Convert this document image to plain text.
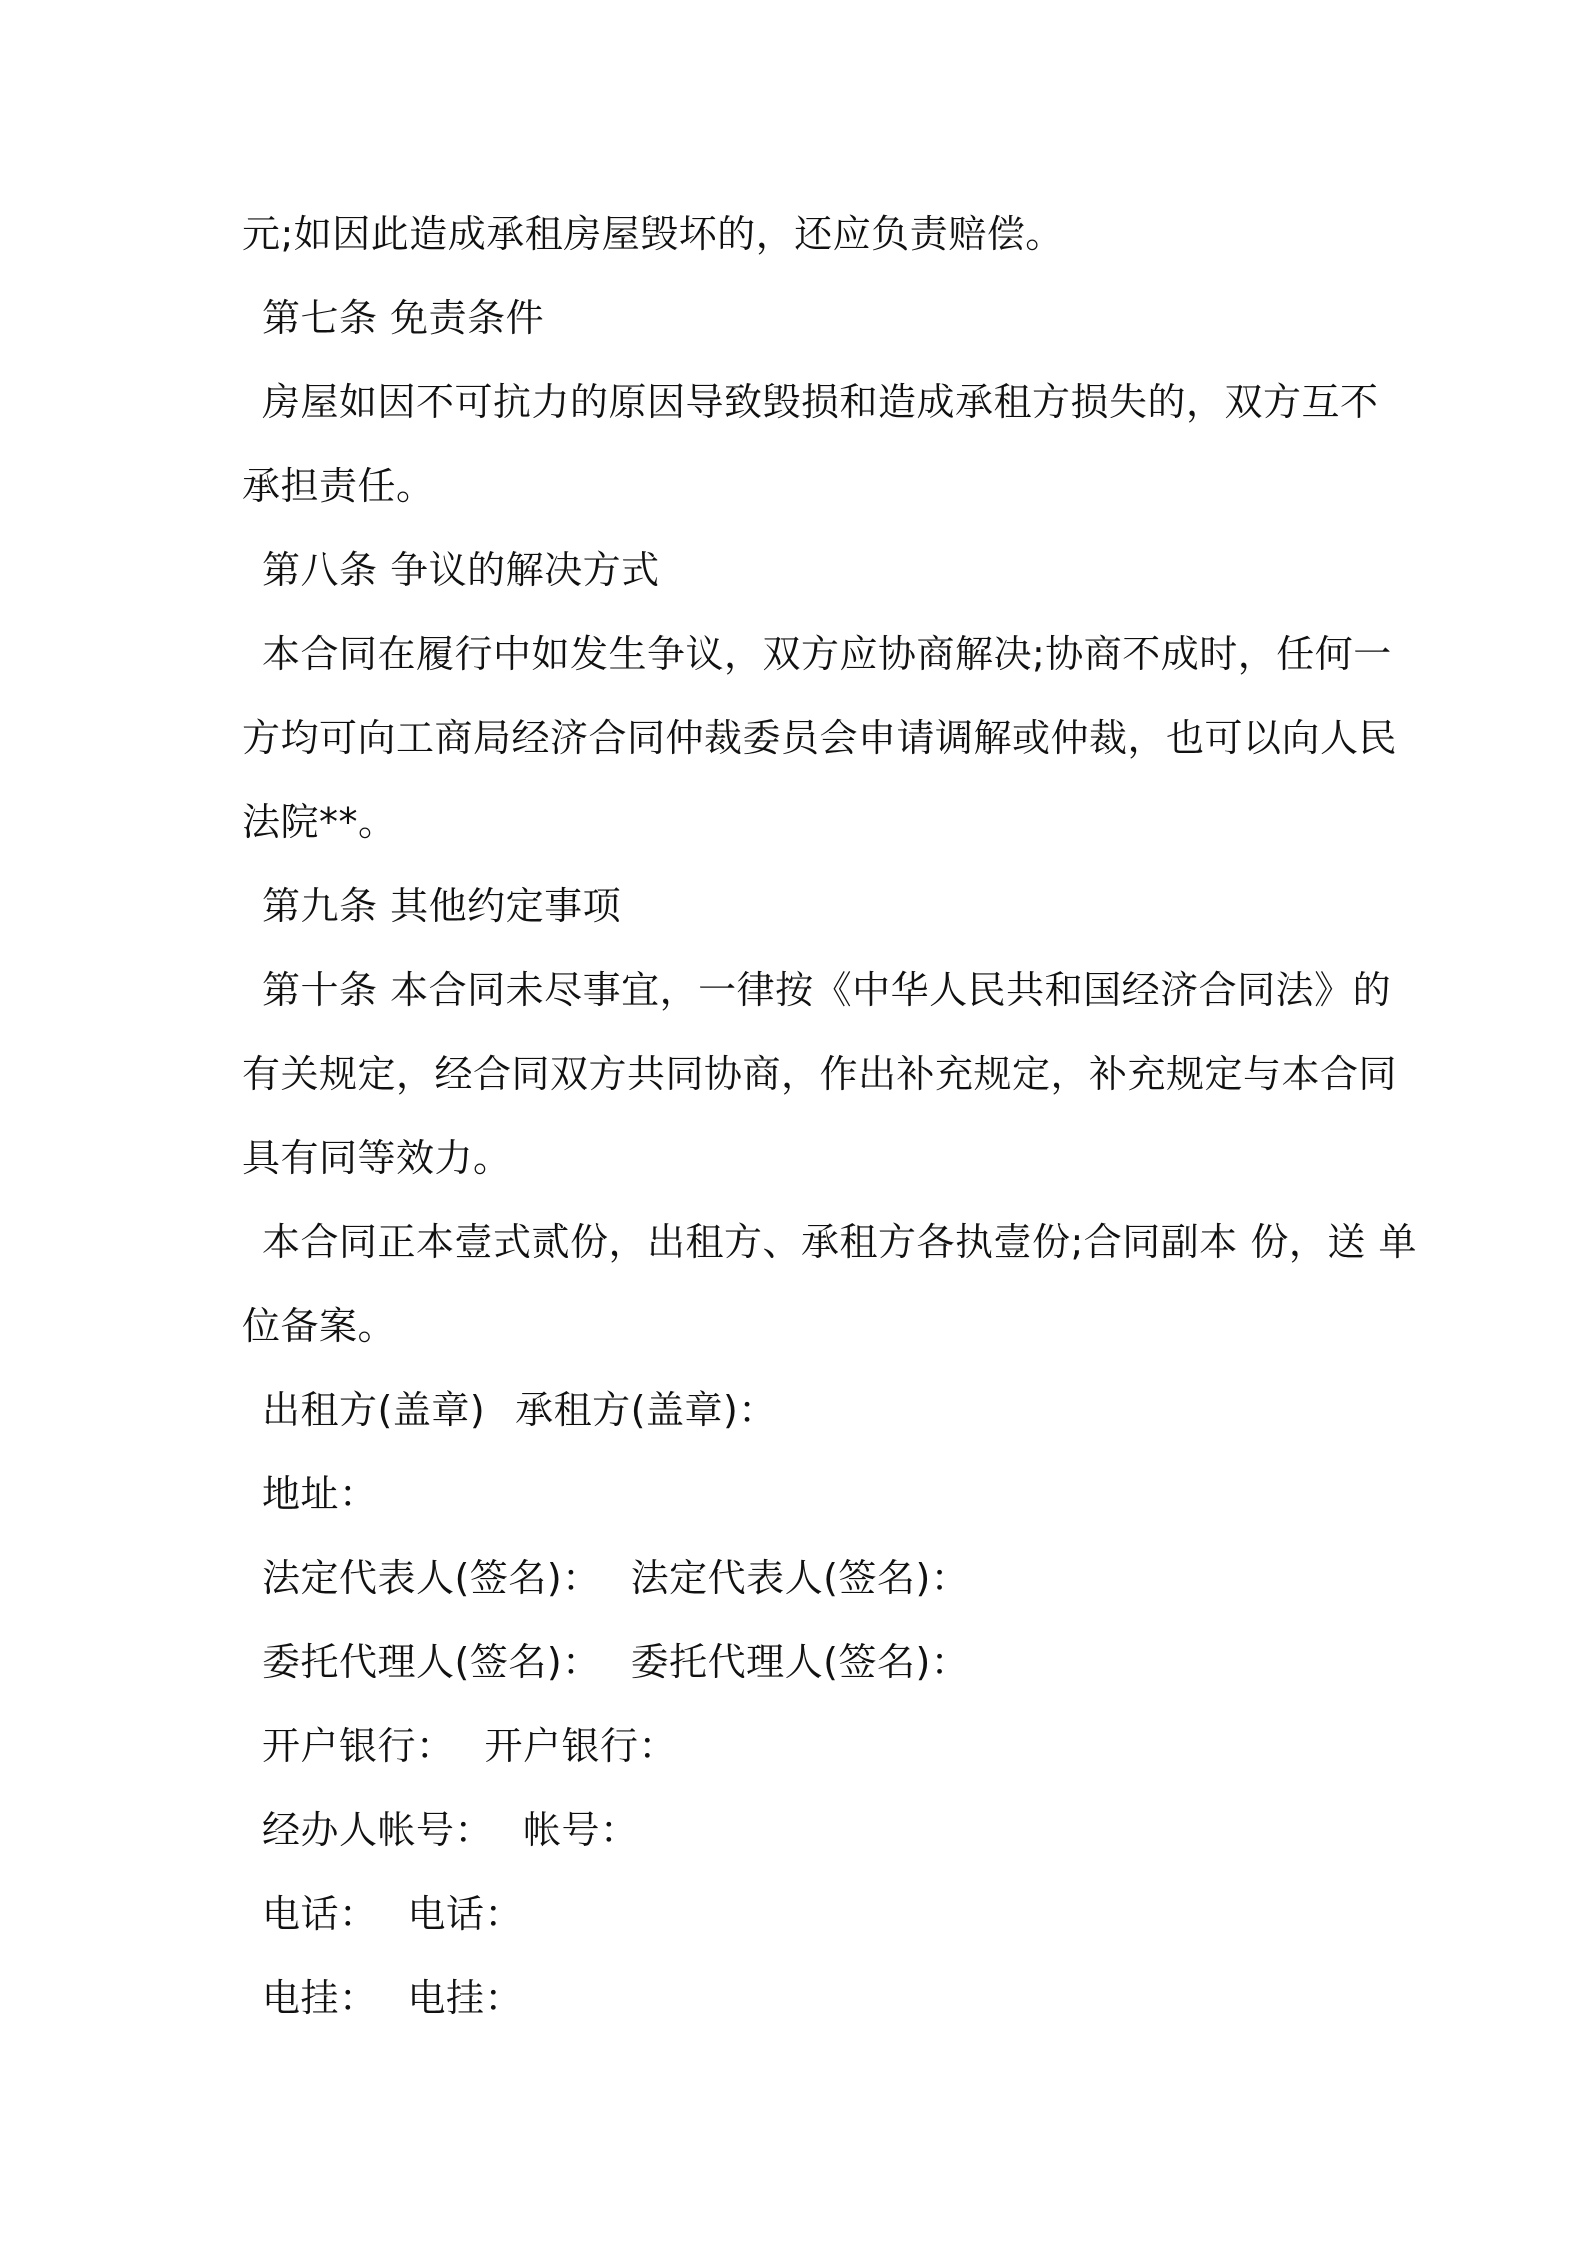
元;如因此造成承租房屋毁坏的，还应负责赔偿。
第七条 免责条件
房屋如因不可抗力的原因导致毁损和造成承租方损失的，双方互不
承担责任。
第八条 争议的解决方式
本合同在履行中如发生争议，双方应协商解决;协商不成时，任何一
方均可向工商局经济合同仲裁委员会申请调解或仲裁，也可以向人民
法院**。
第九条 其他约定事项
第十条 本合同未尽事宜，一律按《中华人民共和国经济合同法》的
有关规定，经合同双方共同协商，作出补充规定，补充规定与本合同
具有同等效力。
本合同正本壹式贰份，出租方、承租方各执壹份;合同副本 份，送 单
位备案。
出租方(盖章) 承租方(盖章)：
地址：
法定代表人(签名)： 法定代表人(签名)：
委托代理人(签名)： 委托代理人(签名)：
开户银行： 开户银行：
经办人帐号： 帐号：
电话： 电话：
电挂： 电挂：
